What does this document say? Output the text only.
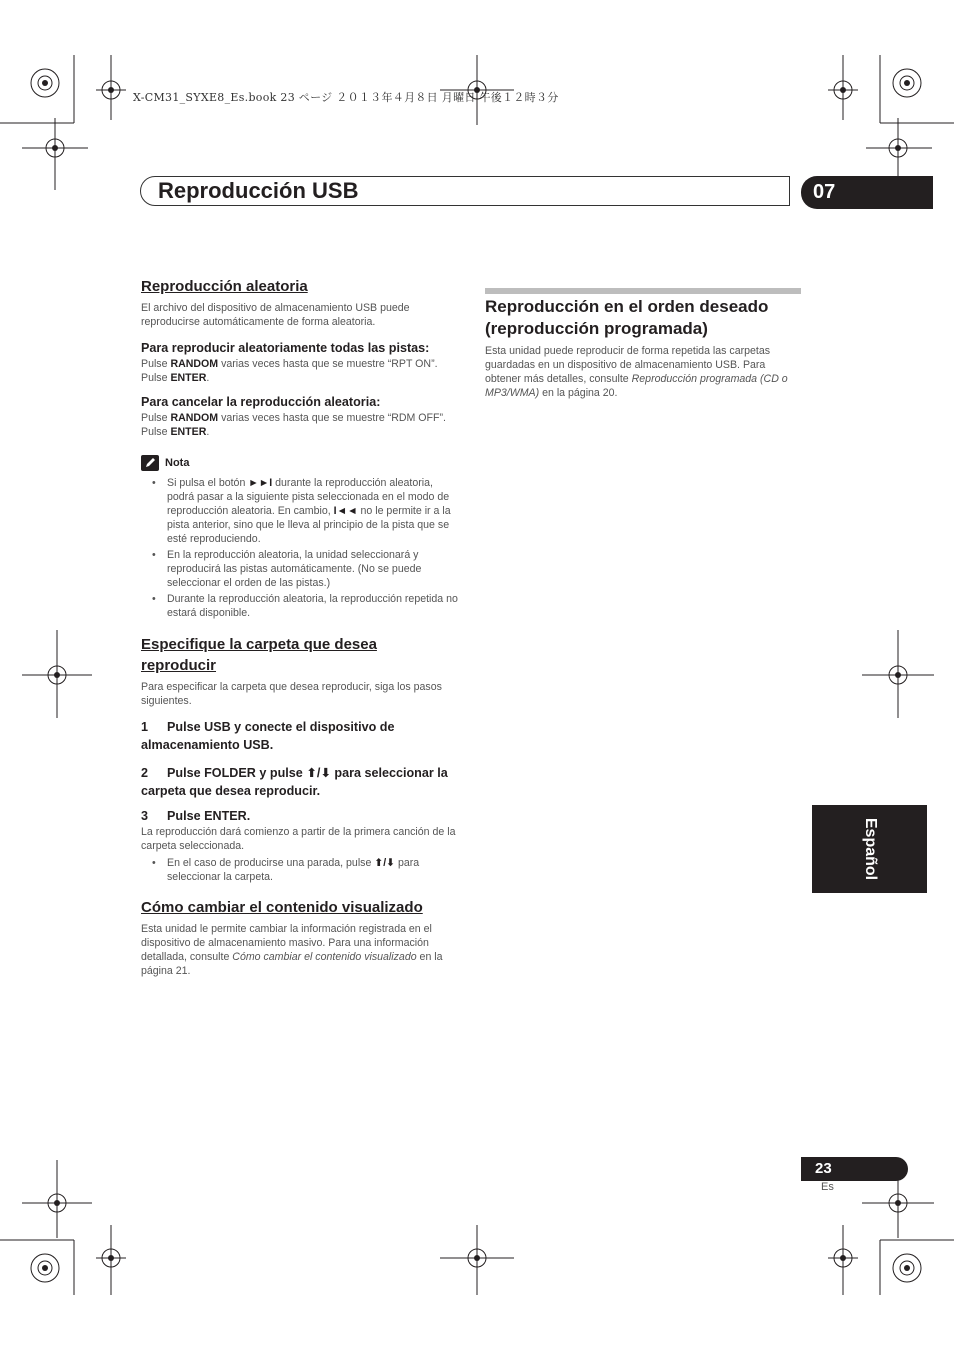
X-CM31_SYXE8_Es.book 23 ページ ２０１３年４月８日 月曜日 午後１２時３分
Reproducción USB	07
Reproducción aleatoria

El archivo del dispositivo de almacenamiento USB puede reproducirse automáticamente de forma aleatoria.

Para reproducir aleatoriamente todas las pistas:

Pulse RANDOM varias veces hasta que se muestre “RPT ON”. Pulse ENTER.

Para cancelar la reproducción aleatoria:

Pulse RANDOM varias veces hasta que se muestre “RDM OFF”. Pulse ENTER.

Nota
• Si pulsa el botón ►►I durante la reproducción aleatoria, podrá pasar a la siguiente pista seleccionada en el modo de reproducción aleatoria. En cambio, I◄◄ no le permite ir a la pista anterior, sino que le lleva al principio de la pista que se esté reproduciendo.
• En la reproducción aleatoria, la unidad seleccionará y reproducirá las pistas automáticamente. (No se puede seleccionar el orden de las pistas.)
• Durante la reproducción aleatoria, la reproducción repetida no estará disponible.
Especifique la carpeta que desea reproducir

Para especificar la carpeta que desea reproducir, siga los pasos siguientes.

1 Pulse USB y conecte el dispositivo de almacenamiento USB.

2 Pulse FOLDER y pulse ⬆/⬇ para seleccionar la carpeta que desea reproducir.

3 Pulse ENTER.

La reproducción dará comienzo a partir de la primera canción de la carpeta seleccionada.

• En el caso de producirse una parada, pulse ⬆/⬇ para seleccionar la carpeta.
Cómo cambiar el contenido visualizado

Esta unidad le permite cambiar la información registrada en el dispositivo de almacenamiento masivo. Para una información detallada, consulte Cómo cambiar el contenido visualizado en la página 21.

Reproducción en el orden deseado (reproducción programada)

Esta unidad puede reproducir de forma repetida las carpetas guardadas en un dispositivo de almacenamiento USB. Para obtener más detalles, consulte Reproducción programada (CD o MP3/WMA) en la página 20.

Español
23
Es
